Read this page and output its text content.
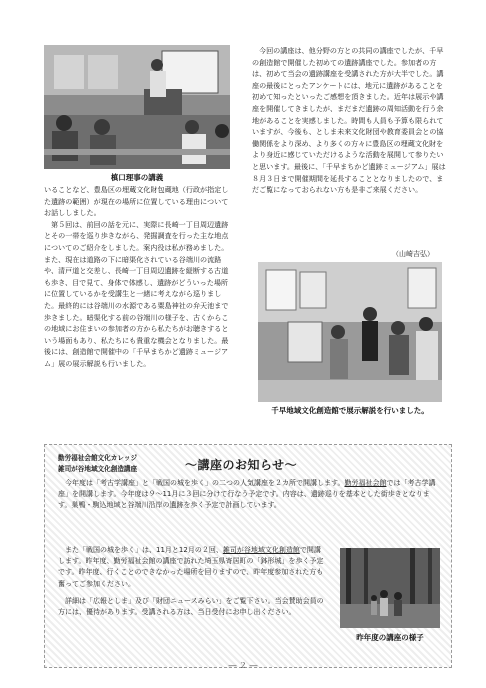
槙口理事の講義

いることなど、豊島区の埋蔵文化財包蔵地（行政が指定した遺跡の範囲）が現在の場所に位置している理由についてお話ししました。

第５回は、前回の話を元に、実際に長崎一丁目周辺遺跡とその一帯を巡り歩きながら、発掘調査を行った主な地点についてのご紹介をしました。案内役は私が務めました。また、現在は道路の下に暗渠化されている谷端川の流路や、清戸道と交差し、長崎一丁目周辺遺跡を縦断する古道も歩き、目で見て、身体で体感し、遺跡がどういった場所に位置しているかを受講生と一緒に考えながら巡りました。最終的には谷端川の水源である粟島神社の弁天池まで歩きました。暗渠化する前の谷端川の様子を、古くからこの地域にお住まいの参加者の方から私たちがお聴きするという場面もあり、私たちにも貴重な機会となりました。最後には、創造館で開催中の「千早まちかど遺跡ミュージアム」展の展示解説も行いました。

今回の講座は、他分野の方との共同の講座でしたが、千早の創造館で開催した初めての遺跡講座でした。参加者の方は、初めて当会の遺跡講座を受講された方が大半でした。講座の最後にとったアンケートには、地元に遺跡があることを初めて知ったといったご感想を頂きました。近年は展示や講座を開催してきましたが、まだまだ遺跡の周知活動を行う余地があることを実感しました。時間も人員も予算も限られていますが、今後も、としま未来文化財団や教育委員会との協働関係をより深め、より多くの方々に豊島区の埋蔵文化財をより身近に感じていただけるような活動を展開して参りたいと思います。最後に、「千早まちかど遺跡ミュージアム」展は８月３日まで開催期間を延長することとなりましたので、まだご覧になっておられない方も是非ご来展ください。

（山崎吉弘）
千早地域文化創造館で展示解説を行いました。
勤労福祉会館文化カレッジ
雑司が谷地域文化創造講座	～講座のお知らせ～

今年度は「考古学講座」と「戦国の城を歩く」の二つの人気講座を２カ所で開講します。勤労福祉会館では「考古学講座」を開講します。今年度は９～11月に３回に分けて行なう予定です。内容は、遺跡巡りを基本とした街歩きとなります。巣鴨・駒込地域と谷端川沿岸の遺跡を歩く予定で計画しています。

また「戦国の城を歩く」は、11月と12月の２回、雑司が谷地域文化創造館で開講します。昨年度、勤労福祉会館の講座で訪れた埼玉県寄居町の「鉢形城」を歩く予定です。昨年度、行くことのできなかった場所を回りますので、昨年度参加された方も奮ってご参加ください。

詳細は「広報としま」及び「財団ニュースみらい」をご覧下さい。当会賛助会員の方には、優待があります。受講される方は、当日受付にお申し出ください。

昨年度の講座の様子
― ２ ―
